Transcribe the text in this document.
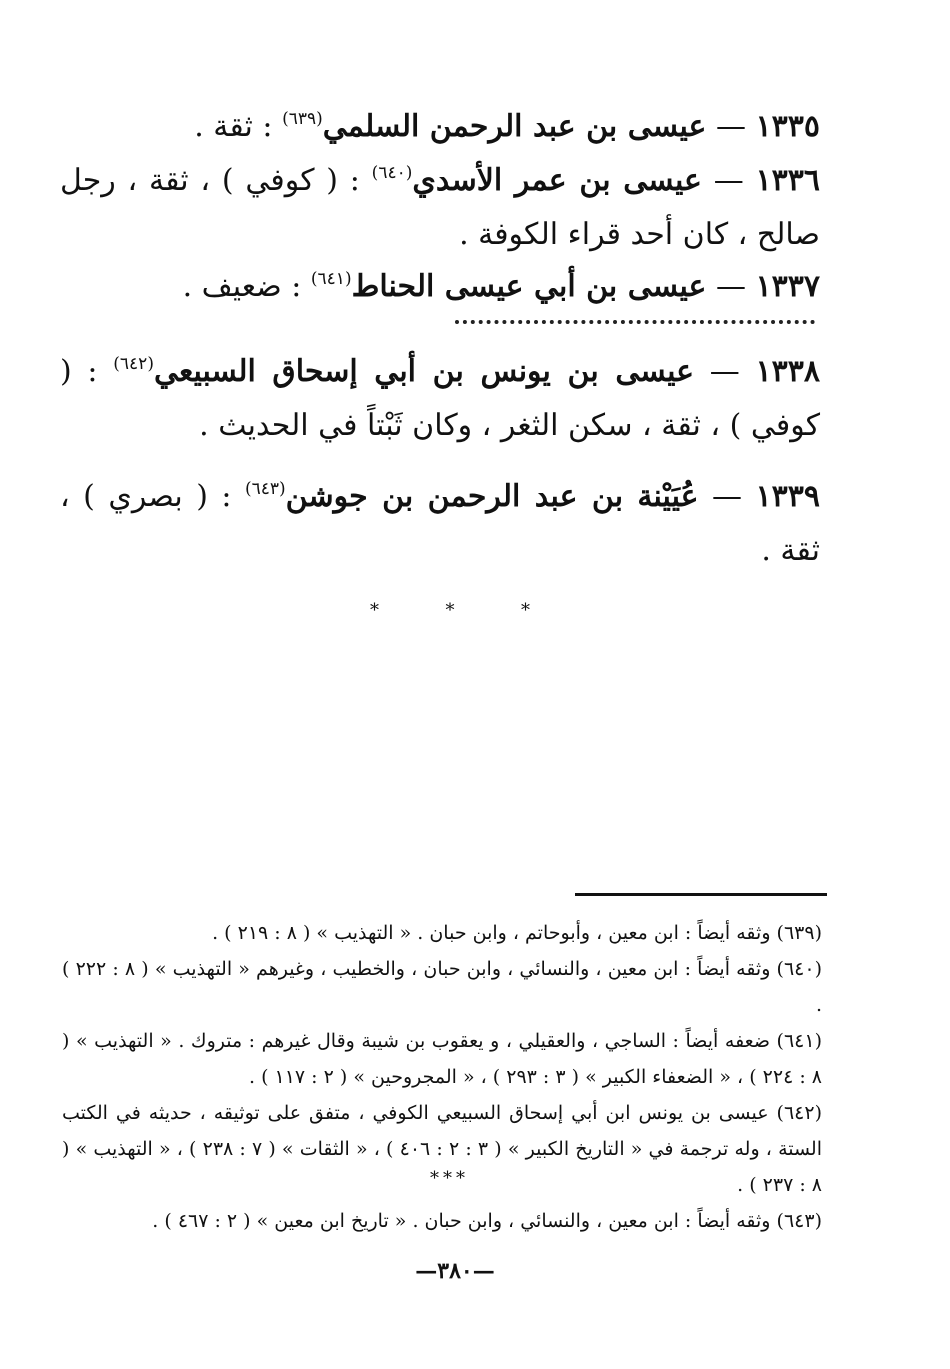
١٣٣٥ — عيسى بن عبد الرحمن السلمي$^{(٦٣٩)}$ : ثقة .

١٣٣٦ — عيسى بن عمر الأسدي$^{(٦٤٠)}$ : ( كوفي ) ، ثقة ، رجل صالح ، كان أحد قراء الكوفة .

١٣٣٧ — عيسى بن أبي عيسى الحناط$^{(٦٤١)}$ : ضعيف .

١٣٣٨ — عيسى بن يونس بن أبي إسحاق السبيعي$^{(٦٤٢)}$ : ( كوفي ) ، ثقة ، سكن الثغر ، وكان ثَبْتاً في الحديث .

١٣٣٩ — عُيَيْنة بن عبد الرحمن بن جوشن$^{(٦٤٣)}$ : ( بصري ) ، ثقة .

*
*
*

(٦٣٩) وثقه أيضاً : ابن معين ، وأبوحاتم ، وابن حبان . « التهذيب » ( ٨ : ٢١٩ ) .

(٦٤٠) وثقه أيضاً : ابن معين ، والنسائي ، وابن حبان ، والخطيب ، وغيرهم « التهذيب » ( ٨ : ٢٢٢ ) .

(٦٤١) ضعفه أيضاً : الساجي ، والعقيلي ، و يعقوب بن شيبة وقال غيرهم : متروك . « التهذيب » ( ٨ : ٢٢٤ ) ، « الضعفاء الكبير » ( ٣ : ٢٩٣ ) ، « المجروحين » ( ٢ : ١١٧ ) .

(٦٤٢) عيسى بن يونس ابن أبي إسحاق السبيعي الكوفي ، متفق على توثيقه ، حديثه في الكتب الستة ، وله ترجمة في « التاريخ الكبير » ( ٣ : ٢ : ٤٠٦ ) ، « الثقات » ( ٧ : ٢٣٨ ) ، « التهذيب » ( ٨ : ٢٣٧ ) .

(٦٤٣) وثقه أيضاً : ابن معين ، والنسائي ، وابن حبان . « تاريخ ابن معين » ( ٢ : ٤٦٧ ) .

***
—٣٨٠—
